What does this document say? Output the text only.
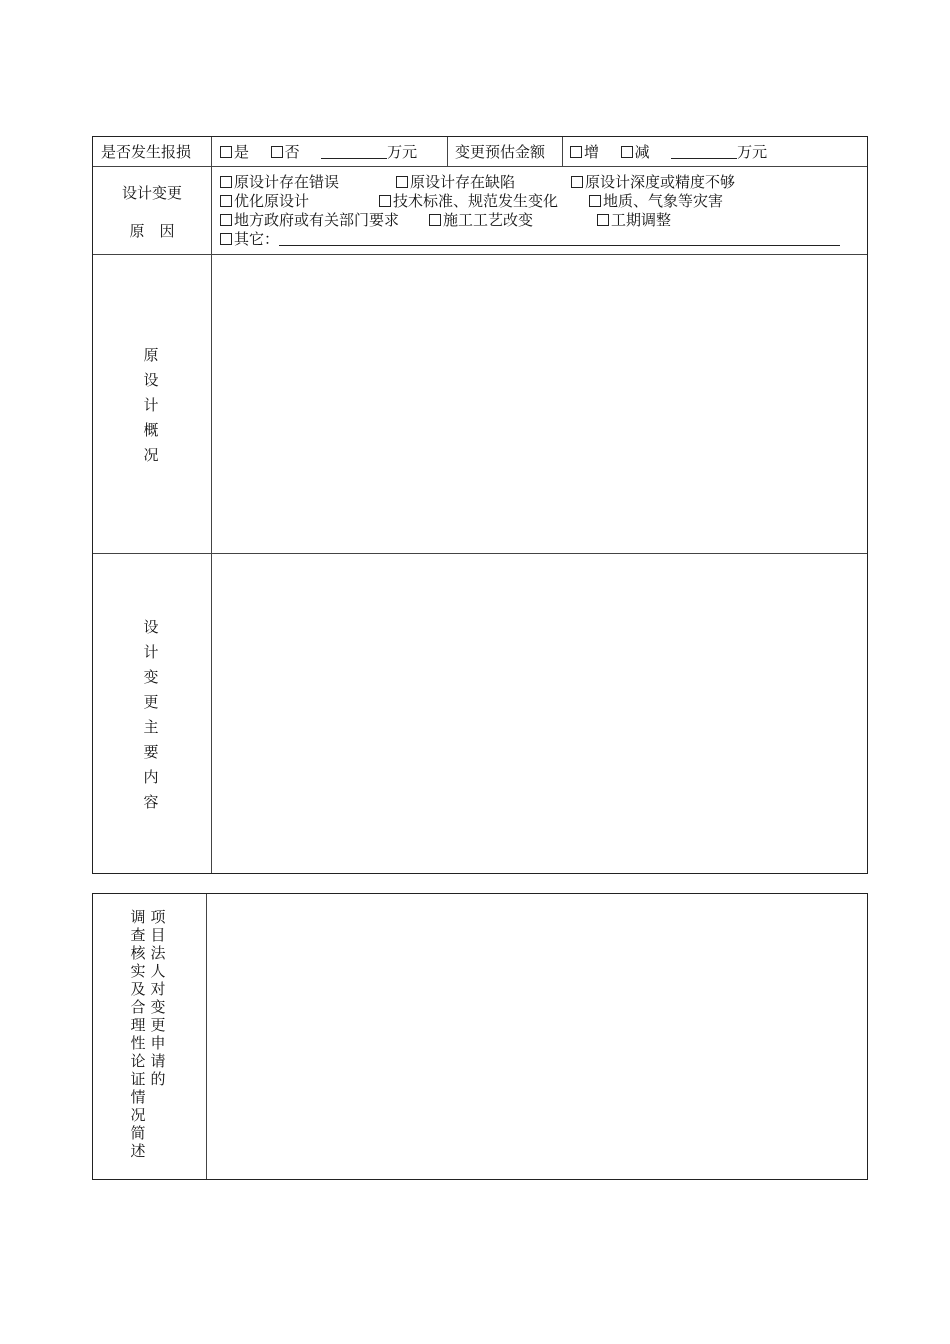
是否发生报损	是 否	万元	变更预估金额	增 减	万元
设计变更
原　因
原设计存在错误	原设计存在缺陷	原设计深度或精度不够
优化原设计	技术标准、规范发生变化	地质、气象等灾害
地方政府或有关部门要求	施工工艺改变	工期调整
其它：
原
设
计
概
况
设
计
变
更
主
要
内
容
调
查
核
实
及
合
理
性
论
证
情
况
简
述
项
目
法
人
对
变
更
申
请
的
